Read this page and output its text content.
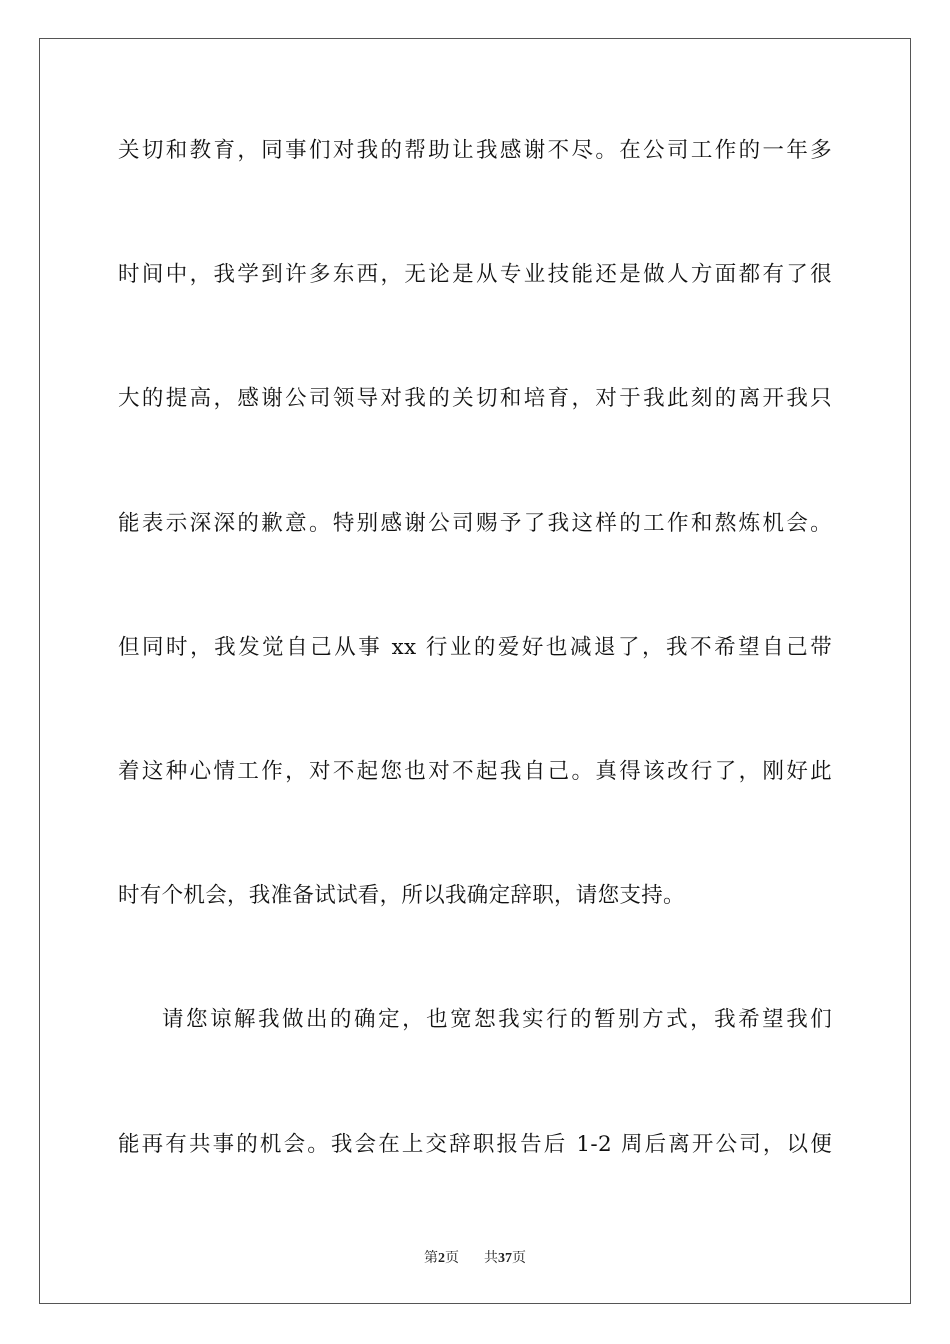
关切和教育，同事们对我的帮助让我感谢不尽。在公司工作的一年多
时间中，我学到许多东西，无论是从专业技能还是做人方面都有了很
大的提高，感谢公司领导对我的关切和培育，对于我此刻的离开我只
能表示深深的歉意。特别感谢公司赐予了我这样的工作和熬炼机会。
但同时，我发觉自己从事 xx 行业的爱好也减退了，我不希望自己带
着这种心情工作，对不起您也对不起我自己。真得该改行了，刚好此
时有个机会，我准备试试看，所以我确定辞职，请您支持。
请您谅解我做出的确定，也宽恕我实行的暂别方式，我希望我们
能再有共事的机会。我会在上交辞职报告后 1-2 周后离开公司，以便
第2页 共37页
